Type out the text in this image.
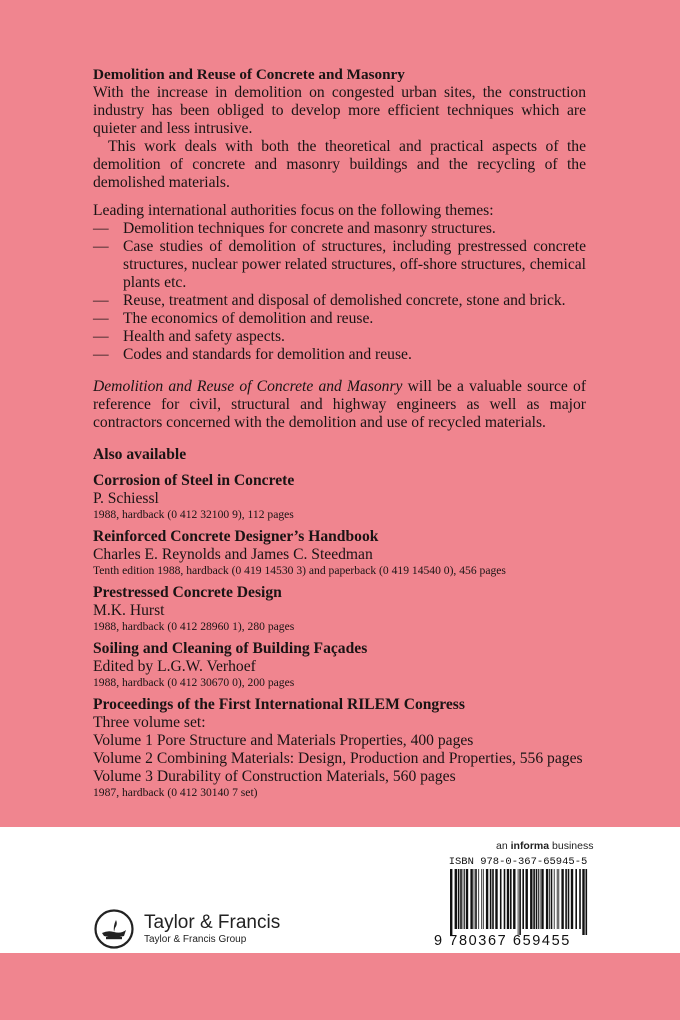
Demolition and Reuse of Concrete and Masonry

With the increase in demolition on congested urban sites, the construction industry has been obliged to develop more efficient techniques which are quieter and less intrusive.

This work deals with both the theoretical and practical aspects of the demolition of concrete and masonry buildings and the recycling of the demolished materials.

Leading international authorities focus on the following themes:

— Demolition techniques for concrete and masonry structures.
— Case studies of demolition of structures, including prestressed concrete structures, nuclear power related structures, off-shore structures, chemical plants etc.
— Reuse, treatment and disposal of demolished concrete, stone and brick.
— The economics of demolition and reuse.
— Health and safety aspects.
— Codes and standards for demolition and reuse.

Demolition and Reuse of Concrete and Masonry will be a valuable source of reference for civil, structural and highway engineers as well as major contractors concerned with the demolition and use of recycled materials.

Also available

Corrosion of Steel in Concrete
P. Schiessl
1988, hardback (0 412 32100 9), 112 pages
Reinforced Concrete Designer’s Handbook
Charles E. Reynolds and James C. Steedman
Tenth edition 1988, hardback (0 419 14530 3) and paperback (0 419 14540 0), 456 pages
Prestressed Concrete Design
M.K. Hurst
1988, hardback (0 412 28960 1), 280 pages
Soiling and Cleaning of Building Façades
Edited by L.G.W. Verhoef
1988, hardback (0 412 30670 0), 200 pages
Proceedings of the First International RILEM Congress
Three volume set:
Volume 1 Pore Structure and Materials Properties, 400 pages
Volume 2 Combining Materials: Design, Production and Properties, 556 pages
Volume 3 Durability of Construction Materials, 560 pages
1987, hardback (0 412 30140 7 set)
Taylor & Francis
Taylor & Francis Group
an informa business
ISBN 978-0-367-65945-5
9 780367 659455
